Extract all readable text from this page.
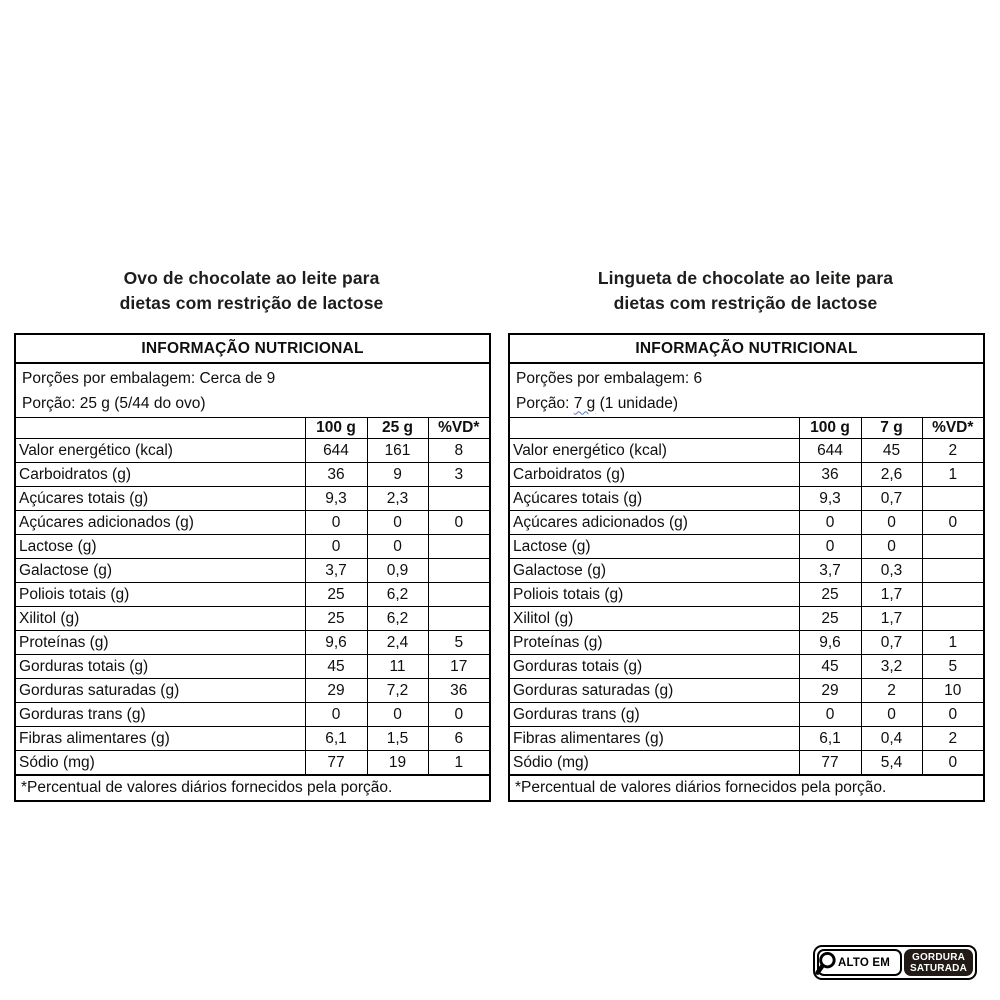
Ovo de chocolate ao leite para
dietas com restrição de lactose
INFORMAÇÃO NUTRICIONAL			

Porções por embalagem: Cerca de 9
Porção: 25 g (5/44 do ovo)			

	100 g	25 g	%VD*
Valor energético (kcal)	644	161	8
Carboidratos (g)	36	9	3
Açúcares totais (g)	9,3	2,3	
Açúcares adicionados (g)	0	0	0
Lactose (g)	0	0	
Galactose (g)	3,7	0,9	
Poliois totais (g)	25	6,2	
Xilitol (g)	25	6,2	
Proteínas (g)	9,6	2,4	5
Gorduras totais (g)	45	11	17
Gorduras saturadas (g)	29	7,2	36
Gorduras trans (g)	0	0	0
Fibras alimentares (g)	6,1	1,5	6
Sódio (mg)	77	19	1
*Percentual de valores diários fornecidos pela porção.			
Lingueta de chocolate ao leite para
dietas com restrição de lactose
INFORMAÇÃO NUTRICIONAL			

Porções por embalagem: 6
Porção: 7 g (1 unidade)			

	100 g	7 g	%VD*
Valor energético (kcal)	644	45	2
Carboidratos (g)	36	2,6	1
Açúcares totais (g)	9,3	0,7	
Açúcares adicionados (g)	0	0	0
Lactose (g)	0	0	
Galactose (g)	3,7	0,3	
Poliois totais (g)	25	1,7	
Xilitol (g)	25	1,7	
Proteínas (g)	9,6	0,7	1
Gorduras totais (g)	45	3,2	5
Gorduras saturadas (g)	29	2	10
Gorduras trans (g)	0	0	0
Fibras alimentares (g)	6,1	0,4	2
Sódio (mg)	77	5,4	0
*Percentual de valores diários fornecidos pela porção.			
ALTO EM GORDURA
SATURADA
